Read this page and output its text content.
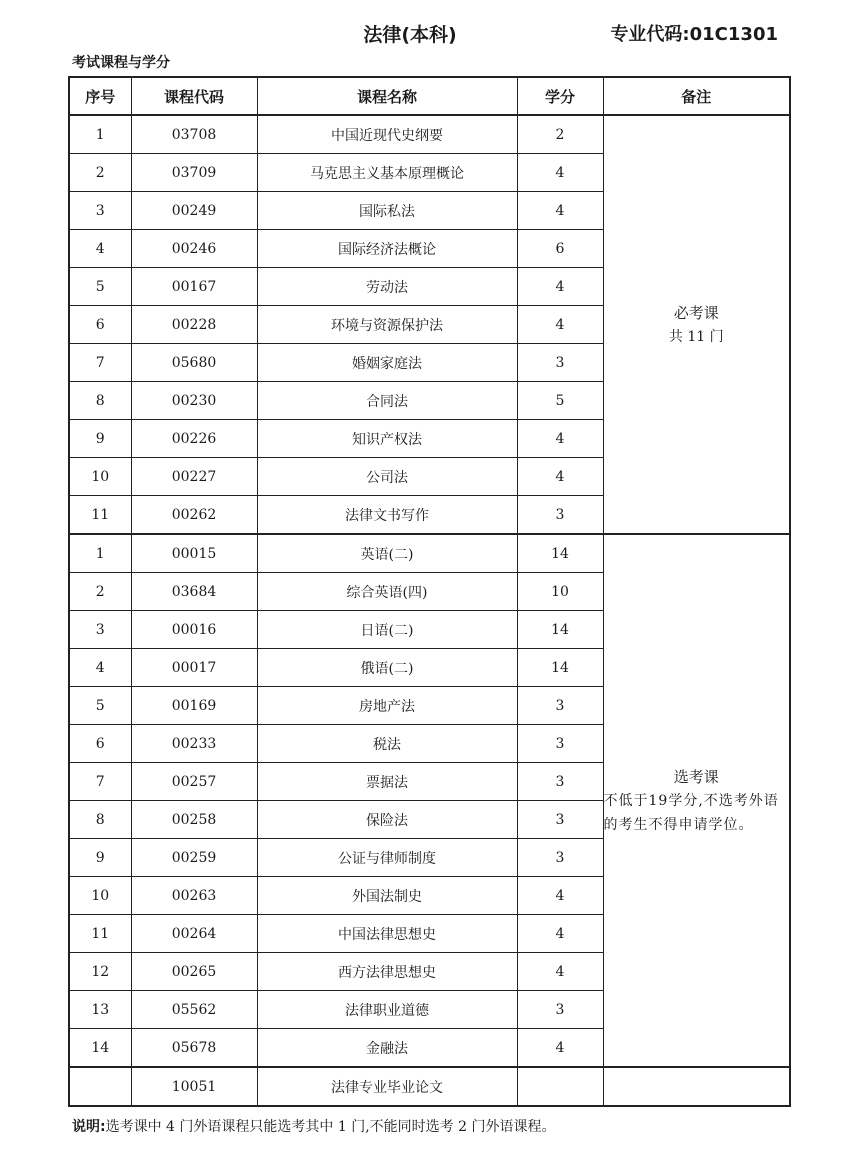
法律(本科)	专业代码:01C1301
考试课程与学分
序号	课程代码	课程名称	学分	备注
1	03708	中国近现代史纲要	2	必考课
共 11 门

2	03709	马克思主义基本原理概论	4	
3	00249	国际私法	4	
4	00246	国际经济法概论	6	
5	00167	劳动法	4	
6	00228	环境与资源保护法	4	
7	05680	婚姻家庭法	3	
8	00230	合同法	5	
9	00226	知识产权法	4	
10	00227	公司法	4	
11	00262	法律文书写作	3	
1	00015	英语(二)	14	选考课
不低于19学分,不选考外语的考生不得申请学位。

2	03684	综合英语(四)	10	
3	00016	日语(二)	14	
4	00017	俄语(二)	14	
5	00169	房地产法	3	
6	00233	税法	3	
7	00257	票据法	3	
8	00258	保险法	3	
9	00259	公证与律师制度	3	
10	00263	外国法制史	4	
11	00264	中国法律思想史	4	
12	00265	西方法律思想史	4	
13	05562	法律职业道德	3	
14	05678	金融法	4	
	10051	法律专业毕业论文		
说明:选考课中 4 门外语课程只能选考其中 1 门,不能同时选考 2 门外语课程。
